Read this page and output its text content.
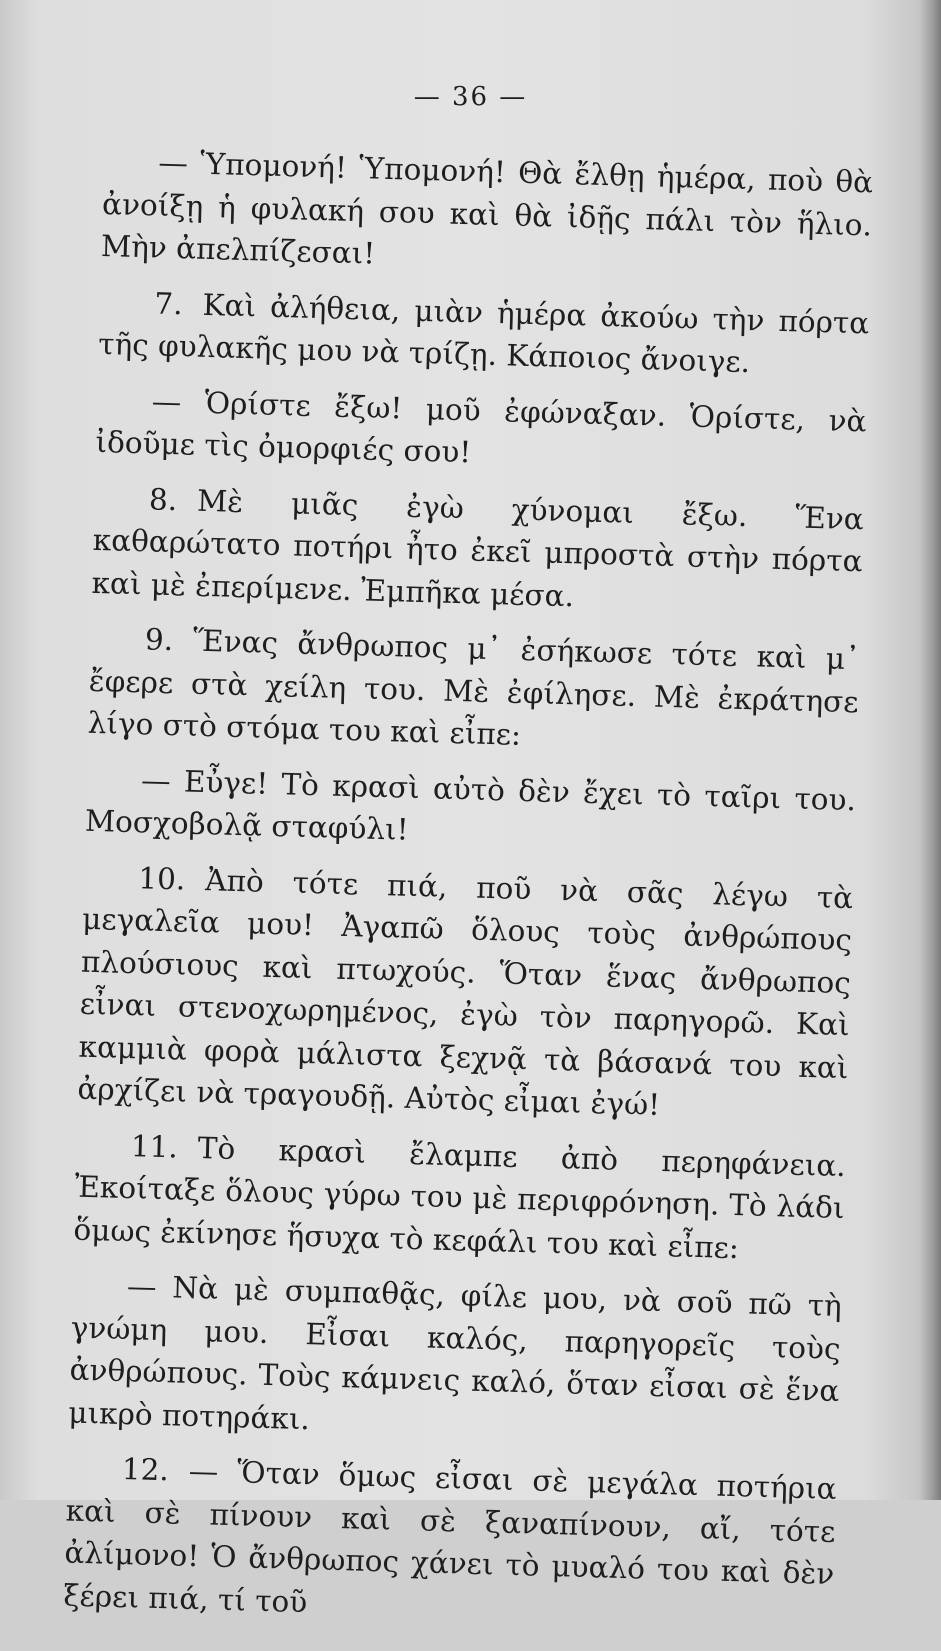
— 36 —

— Ὑπομονή! Ὑπομονή! Θὰ ἔλθῃ ἡμέρα, ποὺ θὰ ἀνοίξῃ ἡ φυλακή σου καὶ θὰ ἰδῇς πάλι τὸν ἥλιο. Μὴν ἀπελπίζεσαι!

7. Καὶ ἀλήθεια, μιὰν ἡμέρα ἀκούω τὴν πόρτα τῆς φυλακῆς μου νὰ τρίζῃ. Κάποιος ἄνοιγε.

— Ὁρίστε ἔξω! μοῦ ἐφώναξαν. Ὁρίστε, νὰ ἰδοῦμε τὶς ὀμορφιές σου!

8. Μὲ μιᾶς ἐγὼ χύνομαι ἔξω. Ἕνα καθαρώτατο ποτήρι ἦτο ἐκεῖ μπροστὰ στὴν πόρτα καὶ μὲ ἐπερίμενε. Ἐμπῆκα μέσα.

9. Ἕνας ἄνθρωπος μ᾽ ἐσήκωσε τότε καὶ μ᾽ ἔφερε στὰ χείλη του. Μὲ ἐφίλησε. Μὲ ἐκράτησε λίγο στὸ στόμα του καὶ εἶπε:

— Εὖγε! Τὸ κρασὶ αὐτὸ δὲν ἔχει τὸ ταῖρι του. Μοσχοβολᾷ σταφύλι!

10. Ἀπὸ τότε πιά, ποῦ νὰ σᾶς λέγω τὰ μεγαλεῖα μου! Ἀγαπῶ ὅλους τοὺς ἀνθρώπους πλούσιους καὶ πτωχούς. Ὅταν ἕνας ἄνθρωπος εἶναι στενοχωρημένος, ἐγὼ τὸν παρηγορῶ. Καὶ καμμιὰ φορὰ μάλιστα ξεχνᾷ τὰ βάσανά του καὶ ἀρχίζει νὰ τραγουδῇ. Αὐτὸς εἶμαι ἐγώ!

11. Τὸ κρασὶ ἔλαμπε ἀπὸ περηφάνεια. Ἐκοίταξε ὅλους γύρω του μὲ περιφρόνηση. Τὸ λάδι ὅμως ἐκίνησε ἥσυχα τὸ κεφάλι του καὶ εἶπε:

— Νὰ μὲ συμπαθᾷς, φίλε μου, νὰ σοῦ πῶ τὴ γνώμη μου. Εἶσαι καλός, παρηγορεῖς τοὺς ἀνθρώπους. Τοὺς κάμνεις καλό, ὅταν εἶσαι σὲ ἕνα μικρὸ ποτηράκι.

12. — Ὅταν ὅμως εἶσαι σὲ μεγάλα ποτήρια καὶ σὲ πίνουν καὶ σὲ ξαναπίνουν, αἴ, τότε ἀλίμονο! Ὁ ἄνθρωπος χάνει τὸ μυαλό του καὶ δὲν ξέρει πιά, τί τοῦ
